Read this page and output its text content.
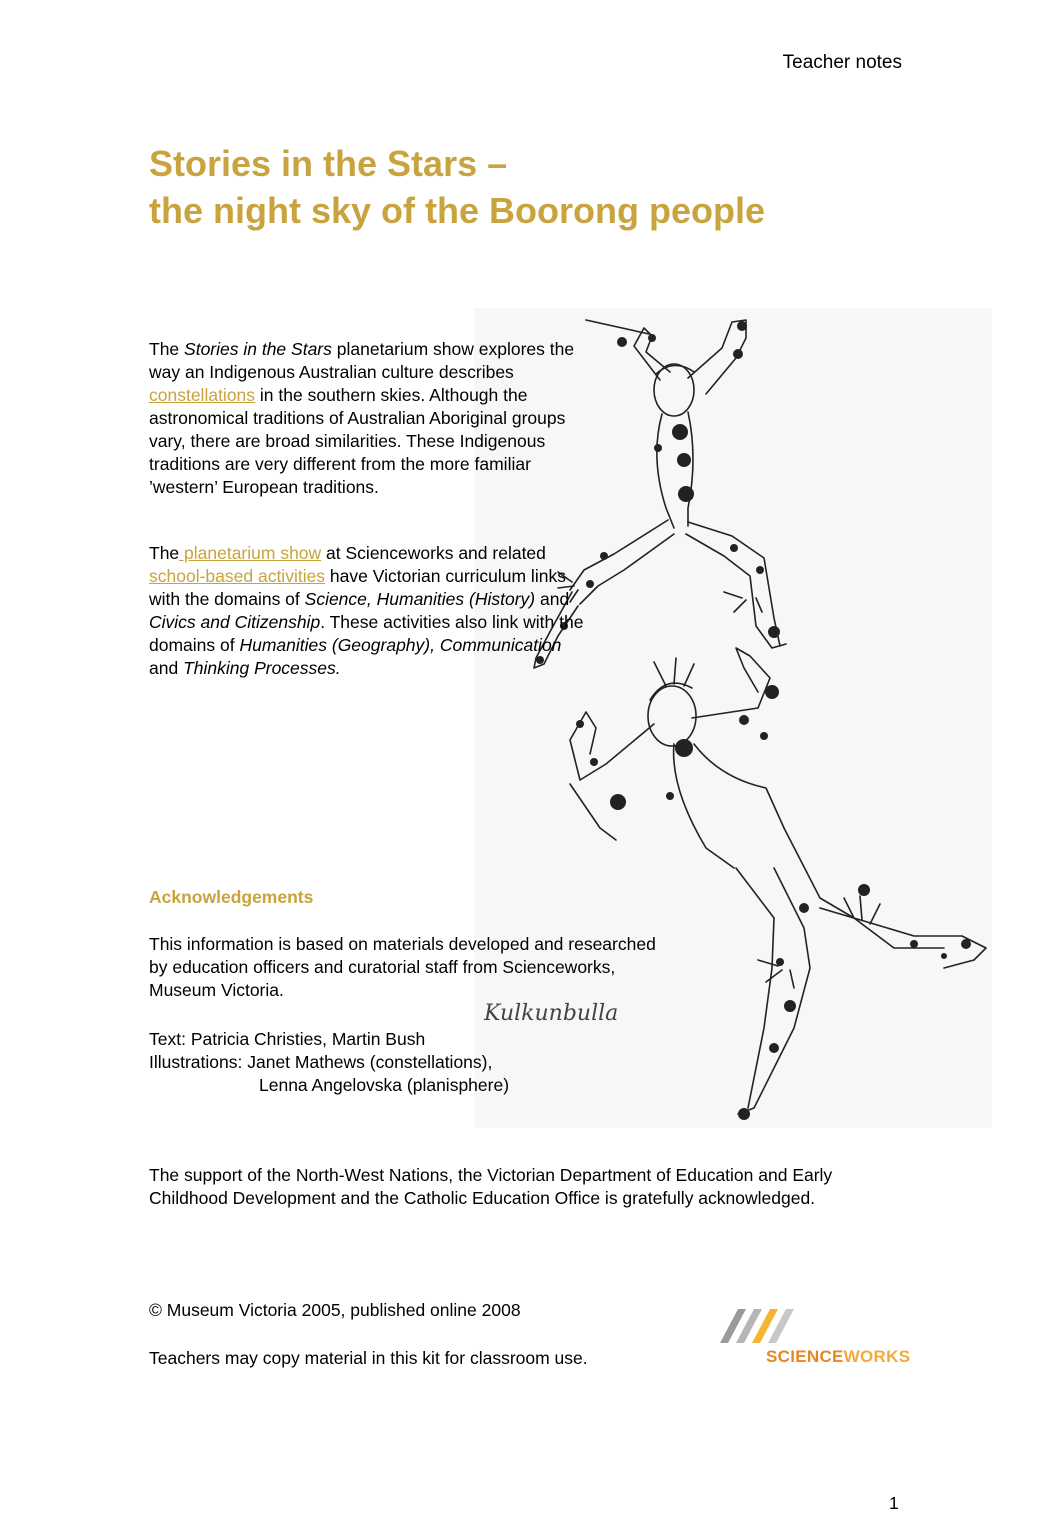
Teacher notes
Stories in the Stars –
the night sky of the Boorong people
Kulkunbulla

The Stories in the Stars planetarium show explores the way an Indigenous Australian culture describes constellations in the southern skies. Although the astronomical traditions of Australian Aboriginal groups vary, there are broad similarities. These Indigenous traditions are very different from the more familiar ’western’ European traditions.

The planetarium show at Scienceworks and related school-based activities have Victorian curriculum links with the domains of Science, Humanities (History) and Civics and Citizenship. These activities also link with the domains of Humanities (Geography), Communication and Thinking Processes.

Acknowledgements

This information is based on materials developed and researched by education officers and curatorial staff from Scienceworks, Museum Victoria.

Text: Patricia Christies, Martin Bush
Illustrations: Janet Mathews (constellations),
Lenna Angelovska (planisphere)

The support of the North-West Nations, the Victorian Department of Education and Early Childhood Development and the Catholic Education Office is gratefully acknowledged.

© Museum Victoria 2005, published online 2008

Teachers may copy material in this kit for classroom use.	SCIENCEWORKS
1
